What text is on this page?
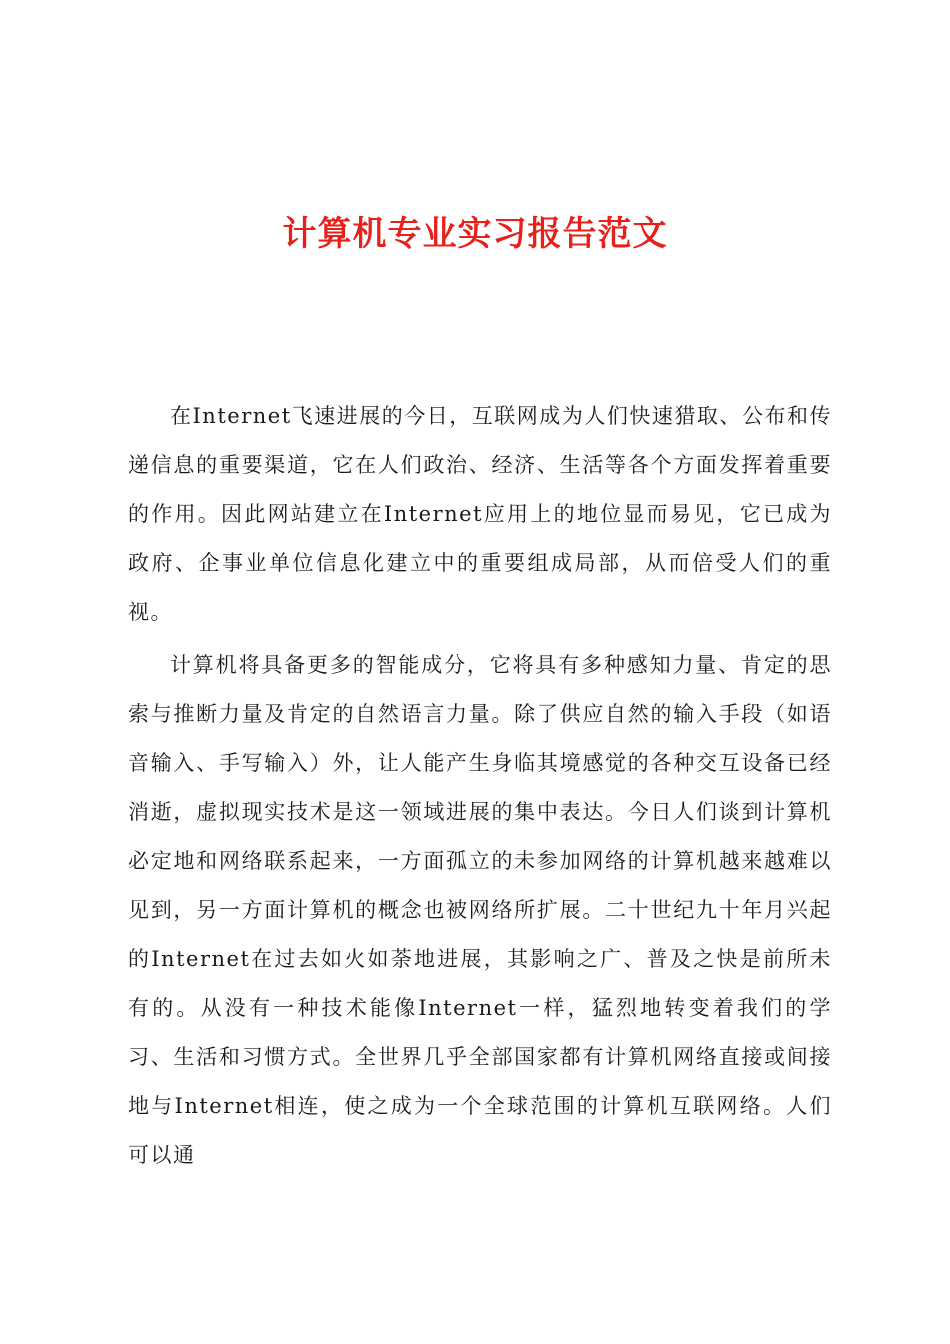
计算机专业实习报告范文

在Internet飞速进展的今日，互联网成为人们快速猎取、公布和传递信息的重要渠道，它在人们政治、经济、生活等各个方面发挥着重要的作用。因此网站建立在Internet应用上的地位显而易见，它已成为政府、企事业单位信息化建立中的重要组成局部，从而倍受人们的重视。

计算机将具备更多的智能成分，它将具有多种感知力量、肯定的思索与推断力量及肯定的自然语言力量。除了供应自然的输入手段（如语音输入、手写输入）外，让人能产生身临其境感觉的各种交互设备已经消逝，虚拟现实技术是这一领域进展的集中表达。今日人们谈到计算机必定地和网络联系起来，一方面孤立的未参加网络的计算机越来越难以见到，另一方面计算机的概念也被网络所扩展。二十世纪九十年月兴起的Internet在过去如火如荼地进展，其影响之广、普及之快是前所未有的。从没有一种技术能像Internet一样，猛烈地转变着我们的学习、生活和习惯方式。全世界几乎全部国家都有计算机网络直接或间接地与Internet相连，使之成为一个全球范围的计算机互联网络。人们可以通
